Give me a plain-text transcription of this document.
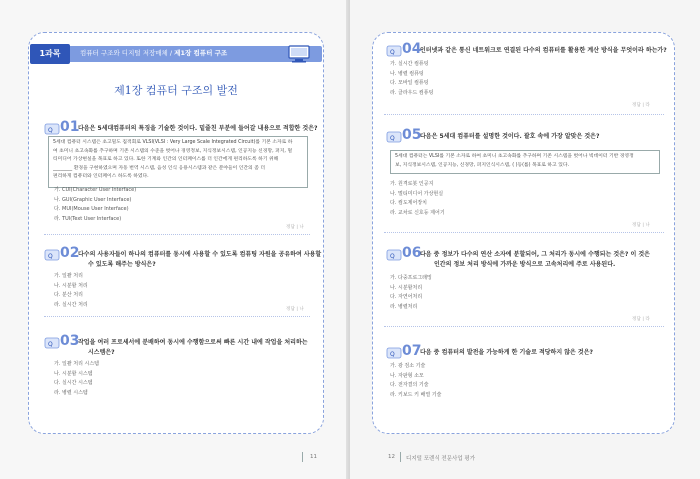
1과목	컴퓨터 구조와 디지털 저장매체 / 제1장 컴퓨터 구조
제1장 컴퓨터 구조의 발전
Q 01
다음은 5세대컴퓨터의 특징을 기술한 것이다. 밑줄친 부분에 들어갈 내용으로 적합한 것은?
5세대 컴퓨터 시스템은 초고밀도 집적회로 VLSI(VLSI : Very Large Scale Integrated Circuit)를 기본 소자로 하
여 초미니 초고속화를 추구하며 기존 시스템의 수준을 벗어나 경영정보, 지식정보시스템, 인공지능 신경망, 퍼지, 멀
티미디어 가상현실을 목표로 하고 있다. 또한 기계와 인간의 인터페이스를 더 인간에게 편리하도록 하기 위해
________ 환경을 구현하였으며 자동 번역 시스템, 음성 인식 응용시스템과 같은 분야들이 인간의 좀 더
편리하게 컴퓨터와 인터페이스 하도록 하였다.
가. CUI(Character User Interface)
나. GUI(Graphic User Interface)
다. MUI(Mouse User Interface)
라. TUI(Text User Interface)
정답 | 나
Q 02
다수의 사용자들이 하나의 컴퓨터를 동시에 사용할 수 있도록 컴퓨팅 자원을 공유하여 사용할
수 있도록 해주는 방식은?
가. 일괄 처리
나. 시분할 처리
다. 분산 처리
라. 실시간 처리
정답 | 나
Q 03
작업을 여러 프로세서에 분배하여 동시에 수행함으로써 빠른 시간 내에 작업을 처리하는
시스템은?
가. 일괄 처리 시스템
나. 시분할 시스템
다. 실시간 시스템
라. 병렬 시스템
11
Q 04
인터넷과 같은 통신 네트워크로 연결된 다수의 컴퓨터를 활용한 계산 방식을 무엇이라 하는가?
가. 실시간 컴퓨팅
나. 병렬 컴퓨팅
다. 모바일 컴퓨팅
라. 클라우드 컴퓨팅
정답 | 라
Q 05
다음은 5세대 컴퓨터를 설명한 것이다. 괄호 속에 가장 알맞은 것은?
5세대 컴퓨터는 VLSI를 기본 소자로 하여 초미니 초고속화를 추구하며 기존 시스템을 벗어나 빅데이터 기반 경영정
보, 지식정보시스템, 인공지능, 신경망, 퍼지인식시스템, ( )등(를) 목표로 하고 있다.
가. 원격로봇 인공지
나. 멀티미디어 가상현실
다. 컴도제어장치
라. 교차로 신호등 제어기
정답 | 나
Q 06
다음 중 정보가 다수의 연산 소자에 분할되어, 그 처리가 동시에 수행되는 것은? 이 것은
인간의 정보 처리 방식에 가까운 방식으로 고속처리에 주로 사용된다.
가. 다중프로그래밍
나. 시분할처리
다. 자연어처리
라. 병렬처리
정답 | 라
Q 07
다음 중 컴퓨터의 발전을 가능하게 한 기술로 적당하지 않은 것은?
가. 광 검소 기술
나. 자판형 소모
다. 전자결의 기술
라. 키보드 키 배열 기술
12 디지털 포렌식 전문사업 평가
